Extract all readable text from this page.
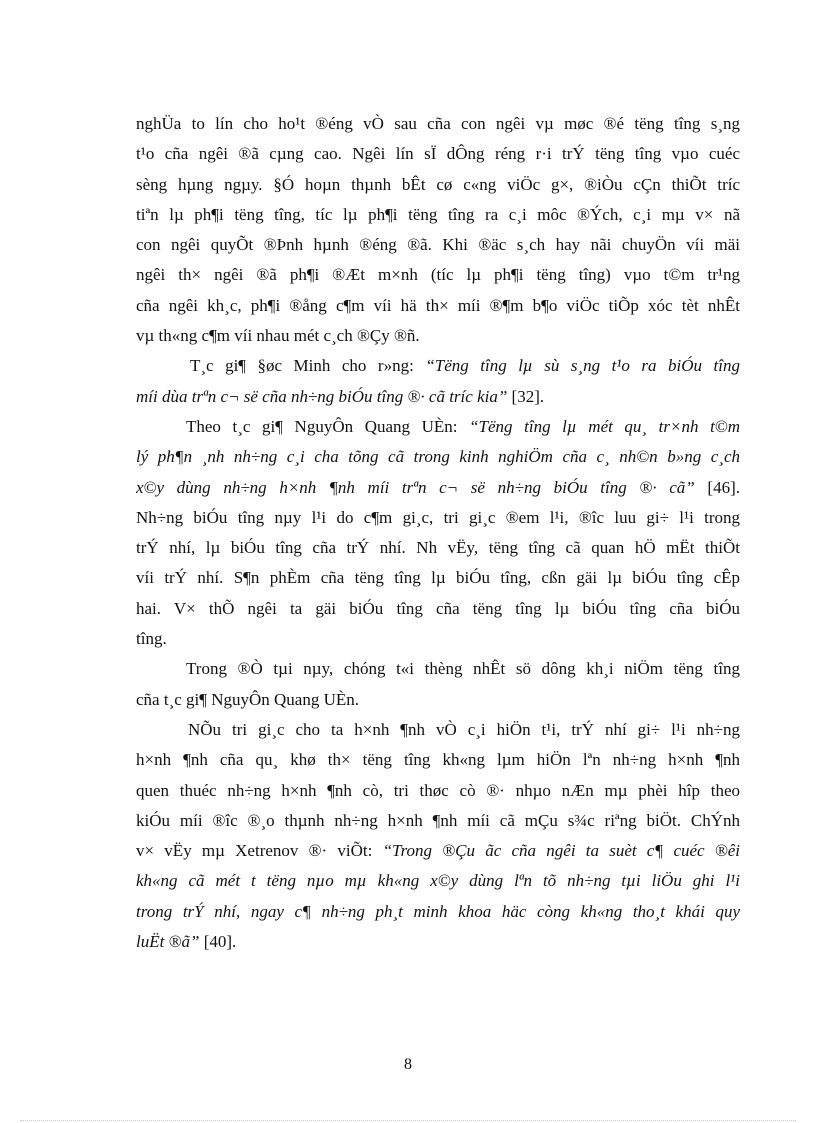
nghÜa to lín cho ho¹t ®éng vÒ sau cña con ngêi vµ møc ®é tëng tîng s¸ng
t¹o cña ngêi ®ã cµng cao. Ngêi lín sÏ dÔng réng r·i trÝ tëng tîng vµo cuéc
sèng hµng ngµy. §Ó hoµn thµnh bÊt cø c«ng viÖc g×, ®iÒu cÇn thiÕt tríc
tiªn lµ ph¶i tëng tîng, tíc lµ ph¶i tëng tîng ra c¸i môc ®Ých, c¸i mµ v× nã
con ngêi quyÕt ®Þnh hµnh ®éng ®ã. Khi ®äc s¸ch hay nãi chuyÖn víi mäi
ngêi th× ngêi ®ã ph¶i ®Æt m×nh (tíc lµ ph¶i tëng tîng) vµo t©m tr¹ng
cña ngêi kh¸c, ph¶i ®ång c¶m víi hä th× míi ®¶m b¶o viÖc tiÕp xóc tèt nhÊt
vµ th«ng c¶m víi nhau mét c¸ch ®Çy ®ñ.
T¸c gi¶ §øc Minh cho r»ng: “Tëng tîng lµ sù s¸ng t¹o ra biÓu tîng
míi dùa trªn c¬ së cña nh÷ng biÓu tîng ®· cã tríc kia” [32].
Theo t¸c gi¶ NguyÔn Quang UÈn: “Tëng tîng lµ mét qu¸ tr×nh t©m
lý ph¶n ¸nh nh÷ng c¸i cha tõng cã trong kinh nghiÖm cña c¸ nh©n b»ng c¸ch
x©y dùng nh÷ng h×nh ¶nh míi trªn c¬ së nh÷ng biÓu tîng ®· cã” [46].
Nh÷ng biÓu tîng nµy l¹i do c¶m gi¸c, tri gi¸c ®em l¹i, ®îc luu gi÷ l¹i trong
trÝ nhí, lµ biÓu tîng cña trÝ nhí. Nh vËy, tëng tîng cã quan hÖ mËt thiÕt
víi trÝ nhí. S¶n phÈm cña tëng tîng lµ biÓu tîng, cßn gäi lµ biÓu tîng cÊp
hai. V× thÕ ngêi ta gäi biÓu tîng cña tëng tîng lµ biÓu tîng cña biÓu
tîng.
Trong ®Ò tµi nµy, chóng t«i thèng nhÊt sö dông kh¸i niÖm tëng tîng
cña t¸c gi¶ NguyÔn Quang UÈn.
NÕu tri gi¸c cho ta h×nh ¶nh vÒ c¸i hiÖn t¹i, trÝ nhí gi÷ l¹i nh÷ng
h×nh ¶nh cña qu¸ khø th× tëng tîng kh«ng lµm hiÖn lªn nh÷ng h×nh ¶nh
quen thuéc nh÷ng h×nh ¶nh cò, tri thøc cò ®· nhµo nÆn mµ phèi hîp theo
kiÓu míi ®îc ®¸o thµnh nh÷ng h×nh ¶nh míi cã mÇu s¾c riªng biÖt. ChÝnh
v× vËy mµ Xetrenov ®· viÕt: “Trong ®Çu ãc cña ngêi ta suèt c¶ cuéc ®êi
kh«ng cã mét t tëng nµo mµ kh«ng x©y dùng lªn tõ nh÷ng tµi liÖu ghi l¹i
trong trÝ nhí, ngay c¶ nh÷ng ph¸t minh khoa häc còng kh«ng tho¸t khái quy
luËt ®ã” [40].
8
